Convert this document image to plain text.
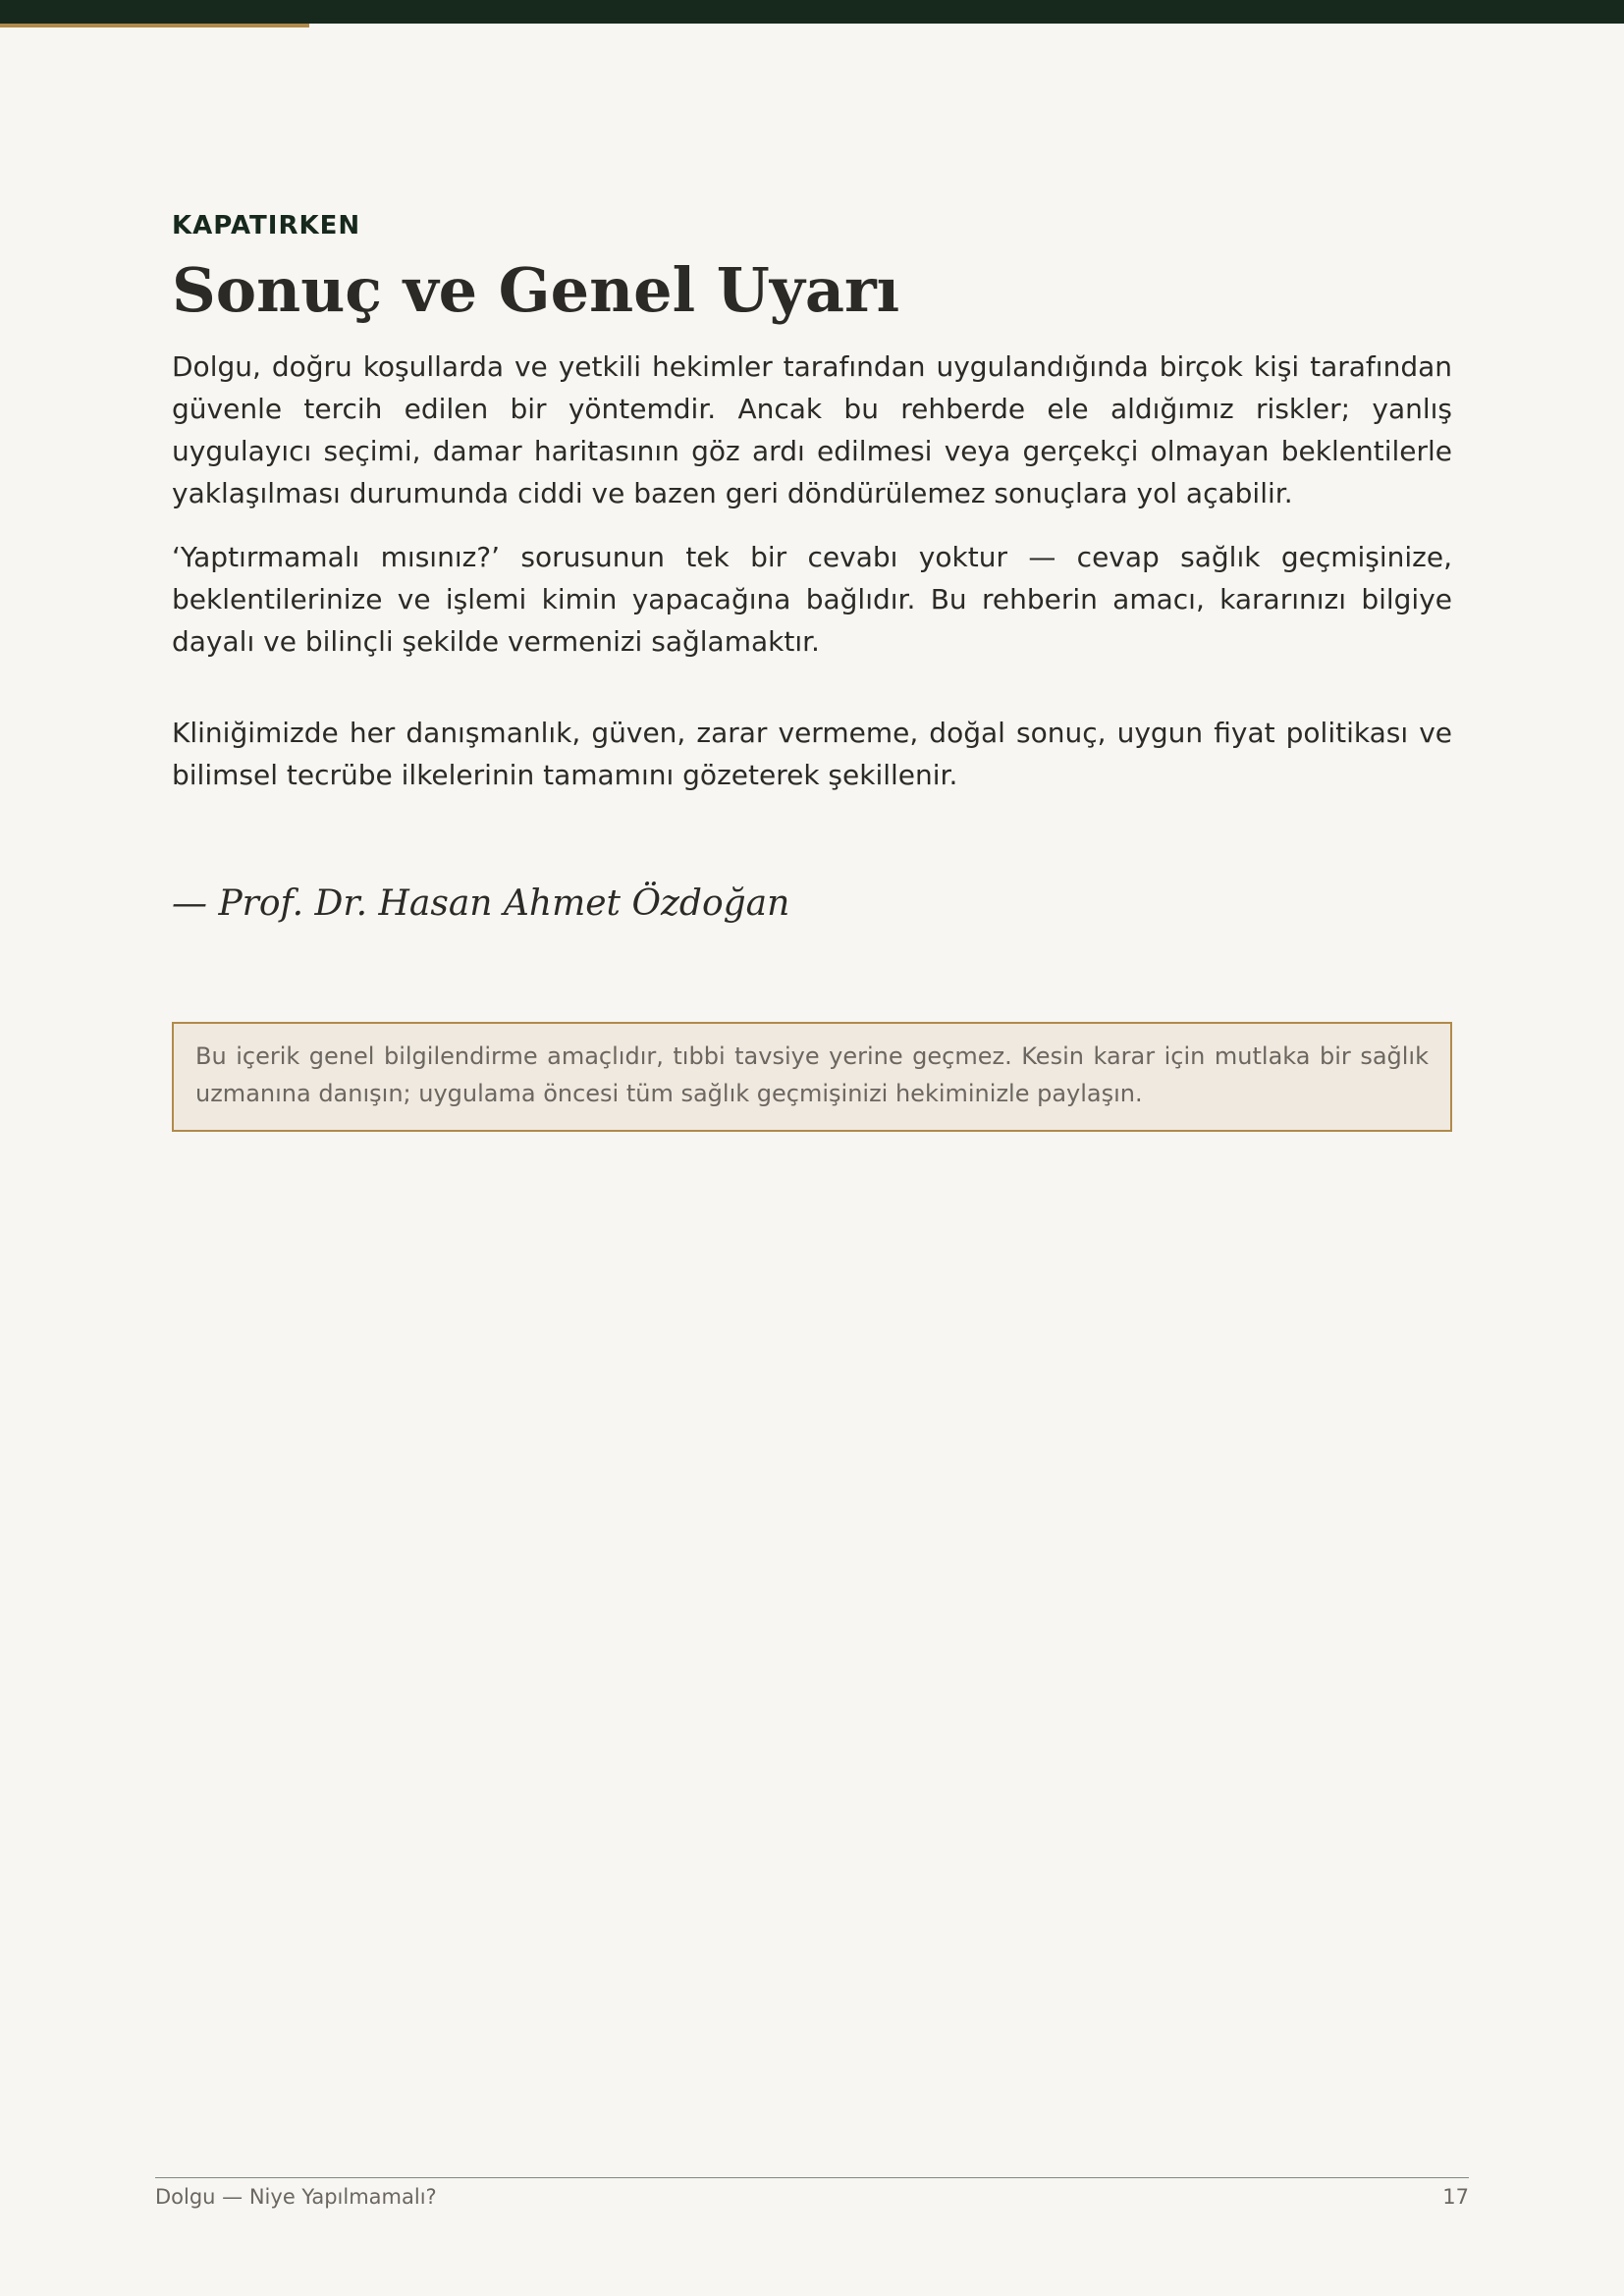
KAPATIRKEN

Sonuç ve Genel Uyarı

Dolgu, doğru koşullarda ve yetkili hekimler tarafından uygulandığında birçok kişi tarafından güvenle tercih edilen bir yöntemdir. Ancak bu rehberde ele aldığımız riskler; yanlış uygulayıcı seçimi, damar haritasının göz ardı edilmesi veya gerçekçi olmayan beklentilerle yaklaşılması durumunda ciddi ve bazen geri döndürülemez sonuçlara yol açabilir.

‘Yaptırmamalı mısınız?’ sorusunun tek bir cevabı yoktur — cevap sağlık geçmişinize, beklentilerinize ve işlemi kimin yapacağına bağlıdır. Bu rehberin amacı, kararınızı bilgiye dayalı ve bilinçli şekilde vermenizi sağlamaktır.

Kliniğimizde her danışmanlık, güven, zarar vermeme, doğal sonuç, uygun fiyat politikası ve bilimsel tecrübe ilkelerinin tamamını gözeterek şekillenir.

— Prof. Dr. Hasan Ahmet Özdoğan

Bu içerik genel bilgilendirme amaçlıdır, tıbbi tavsiye yerine geçmez. Kesin karar için mutlaka bir sağlık uzmanına danışın; uygulama öncesi tüm sağlık geçmişinizi hekiminizle paylaşın.

Dolgu — Niye Yapılmamalı?	17
